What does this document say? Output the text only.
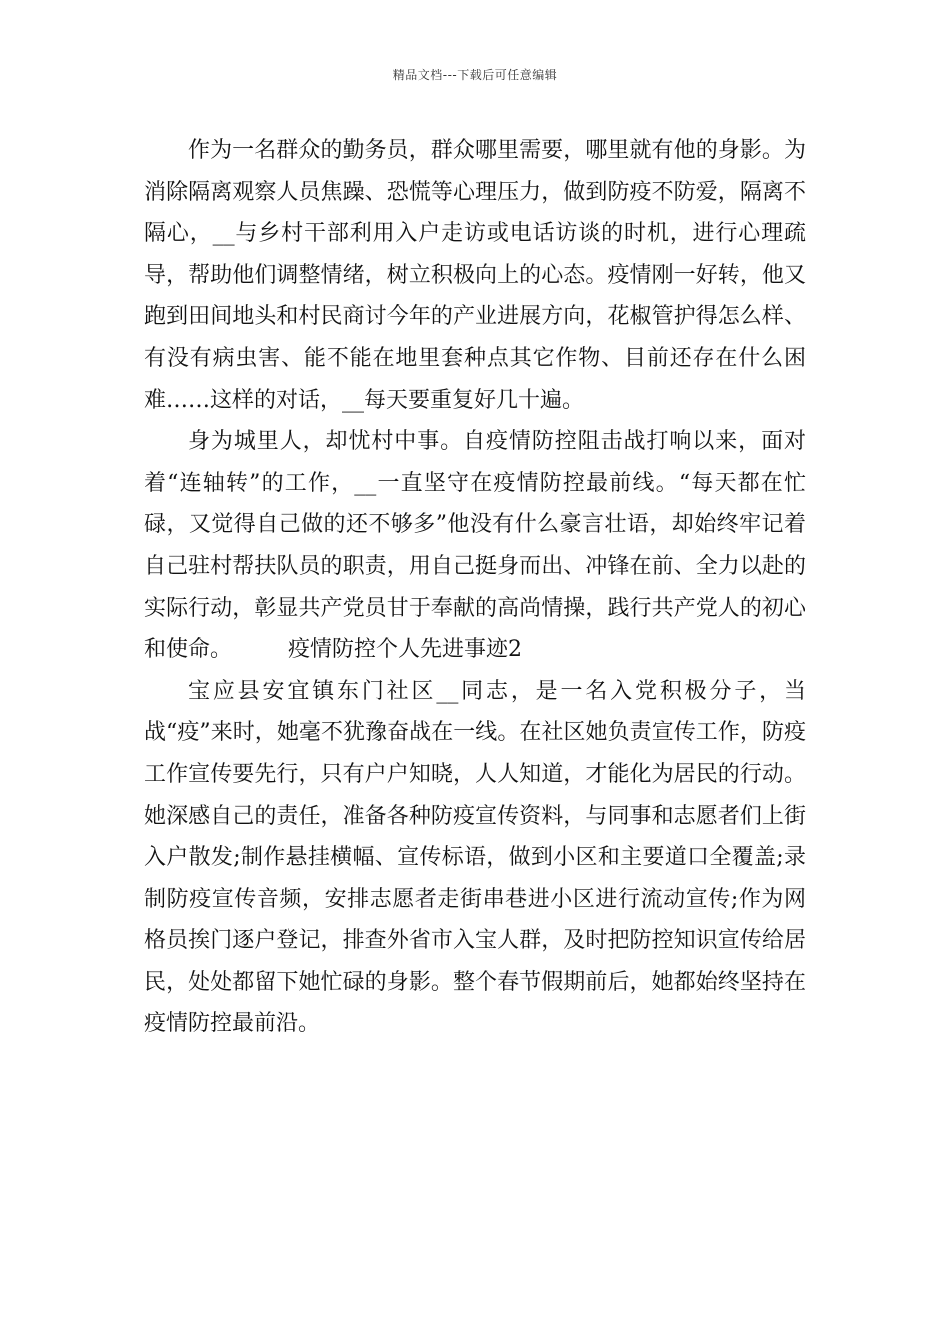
精品文档---下载后可任意编辑

作为一名群众的勤务员，群众哪里需要，哪里就有他的身影。为消除隔离观察人员焦躁、恐慌等心理压力，做到防疫不防爱，隔离不隔心，__与乡村干部利用入户走访或电话访谈的时机，进行心理疏导，帮助他们调整情绪，树立积极向上的心态。疫情刚一好转，他又跑到田间地头和村民商讨今年的产业进展方向，花椒管护得怎么样、有没有病虫害、能不能在地里套种点其它作物、目前还存在什么困难……这样的对话，__每天要重复好几十遍。

身为城里人，却忧村中事。自疫情防控阻击战打响以来，面对着“连轴转”的工作，__一直坚守在疫情防控最前线。“每天都在忙碌，又觉得自己做的还不够多”他没有什么豪言壮语，却始终牢记着自己驻村帮扶队员的职责，用自己挺身而出、冲锋在前、全力以赴的实际行动，彰显共产党员甘于奉献的高尚情操，践行共产党人的初心和使命。	疫情防控个人先进事迹2

宝应县安宜镇东门社区__同志，是一名入党积极分子，当战“疫”来时，她毫不犹豫奋战在一线。在社区她负责宣传工作，防疫工作宣传要先行，只有户户知晓，人人知道，才能化为居民的行动。她深感自己的责任，准备各种防疫宣传资料，与同事和志愿者们上街入户散发;制作悬挂横幅、宣传标语，做到小区和主要道口全覆盖;录制防疫宣传音频，安排志愿者走街串巷进小区进行流动宣传;作为网格员挨门逐户登记，排查外省市入宝人群，及时把防控知识宣传给居民，处处都留下她忙碌的身影。整个春节假期前后，她都始终坚持在疫情防控最前沿。
